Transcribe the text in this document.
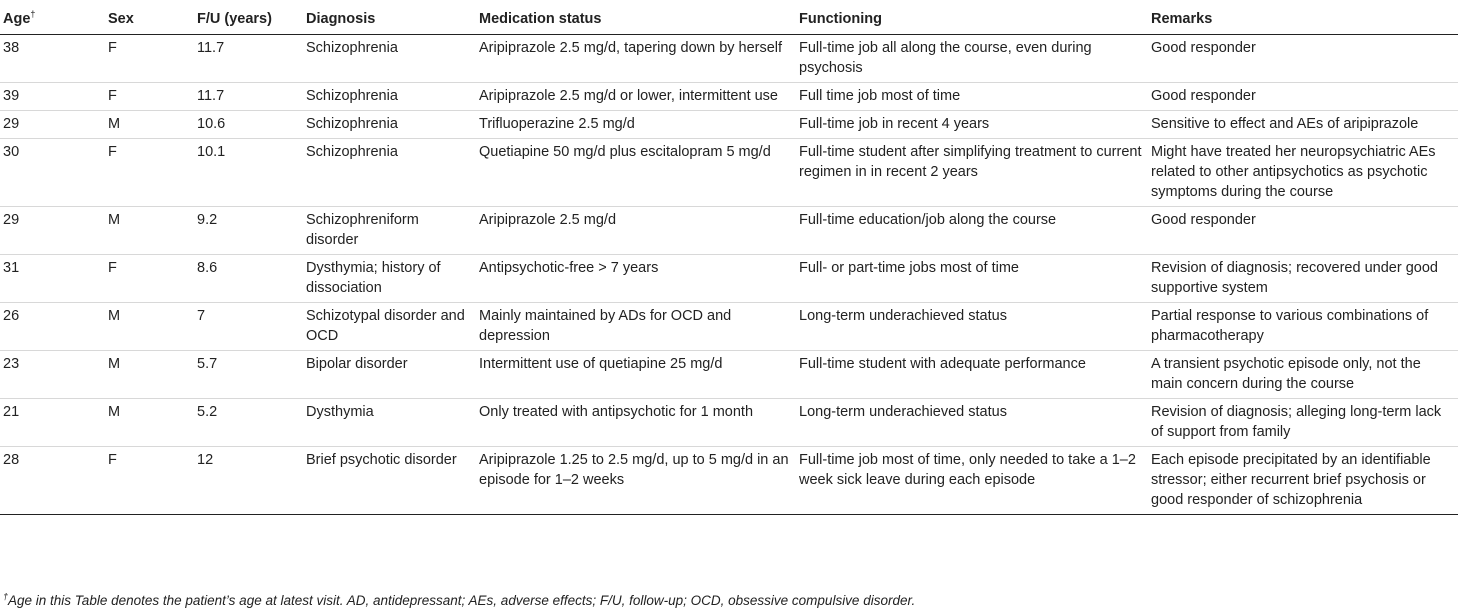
Age†	Sex	F/U (years)	Diagnosis	Medication status	Functioning	Remarks
38	F	11.7	Schizophrenia	Aripiprazole 2.5 mg/d, tapering down by herself	Full-time job all along the course, even during psychosis	Good responder
39	F	11.7	Schizophrenia	Aripiprazole 2.5 mg/d or lower, intermittent use	Full time job most of time	Good responder
29	M	10.6	Schizophrenia	Trifluoperazine 2.5 mg/d	Full-time job in recent 4 years	Sensitive to effect and AEs of aripiprazole
30	F	10.1	Schizophrenia	Quetiapine 50 mg/d plus escitalopram 5 mg/d	Full-time student after simplifying treatment to current regimen in in recent 2 years	Might have treated her neuropsychiatric AEs related to other antipsychotics as psychotic symptoms during the course
29	M	9.2	Schizophreniform disorder	Aripiprazole 2.5 mg/d	Full-time education/job along the course	Good responder
31	F	8.6	Dysthymia; history of dissociation	Antipsychotic-free > 7 years	Full- or part-time jobs most of time	Revision of diagnosis; recovered under good supportive system
26	M	7	Schizotypal disorder and OCD	Mainly maintained by ADs for OCD and depression	Long-term underachieved status	Partial response to various combinations of pharmacotherapy
23	M	5.7	Bipolar disorder	Intermittent use of quetiapine 25 mg/d	Full-time student with adequate performance	A transient psychotic episode only, not the main concern during the course
21	M	5.2	Dysthymia	Only treated with antipsychotic for 1 month	Long-term underachieved status	Revision of diagnosis; alleging long-term lack of support from family
28	F	12	Brief psychotic disorder	Aripiprazole 1.25 to 2.5 mg/d, up to 5 mg/d in an episode for 1–2 weeks	Full-time job most of time, only needed to take a 1–2 week sick leave during each episode	Each episode precipitated by an identifiable stressor; either recurrent brief psychosis or good responder of schizophrenia
†Age in this Table denotes the patient’s age at latest visit. AD, antidepressant; AEs, adverse effects; F/U, follow-up; OCD, obsessive compulsive disorder.
